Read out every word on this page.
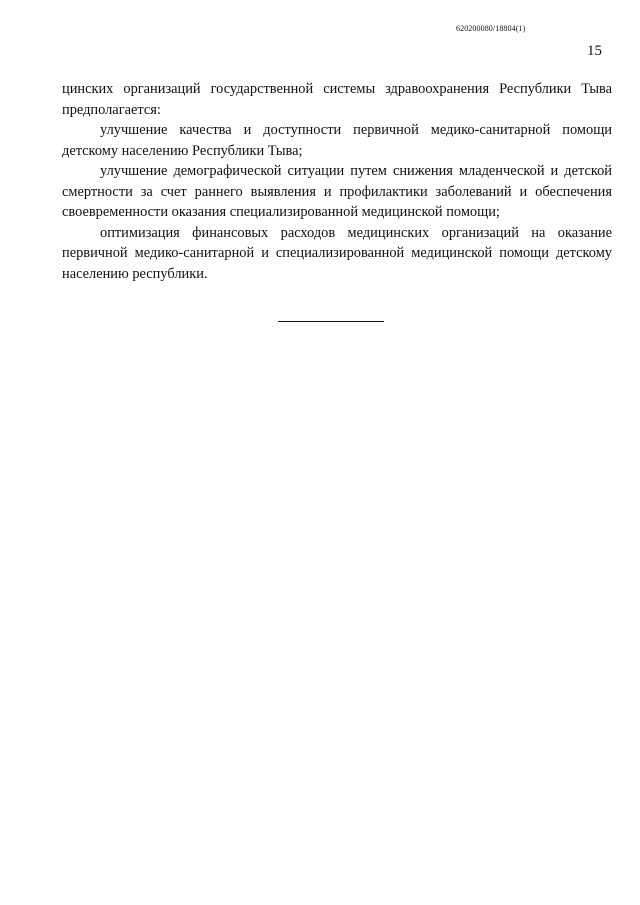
620200080/18804(1)
15

цинских организаций государственной системы здравоохранения Республики Тыва предполагается:

улучшение качества и доступности первичной медико-санитарной помощи детскому населению Республики Тыва;

улучшение демографической ситуации путем снижения младенческой и детской смертности за счет раннего выявления и профилактики заболеваний и обеспечения своевременности оказания специализированной медицинской помощи;

оптимизация финансовых расходов медицинских организаций на оказание первичной медико-санитарной и специализированной медицинской помощи детскому населению республики.
